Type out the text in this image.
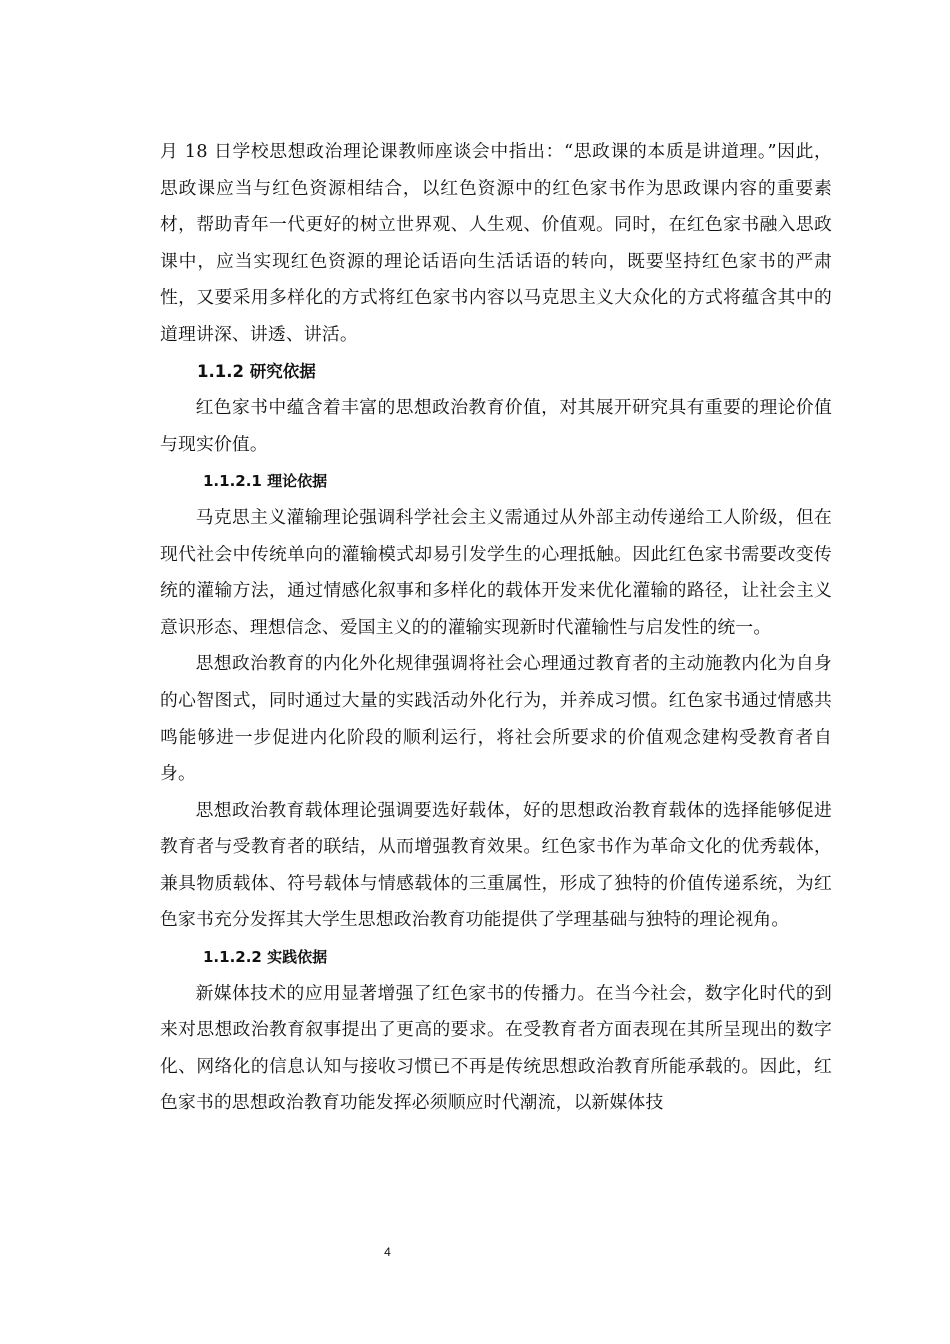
月 18 日学校思想政治理论课教师座谈会中指出：“思政课的本质是讲道理。”因此，思政课应当与红色资源相结合，以红色资源中的红色家书作为思政课内容的重要素材，帮助青年一代更好的树立世界观、人生观、价值观。同时，在红色家书融入思政课中，应当实现红色资源的理论话语向生活话语的转向，既要坚持红色家书的严肃性，又要采用多样化的方式将红色家书内容以马克思主义大众化的方式将蕴含其中的道理讲深、讲透、讲活。

1.1.2 研究依据

红色家书中蕴含着丰富的思想政治教育价值，对其展开研究具有重要的理论价值与现实价值。

1.1.2.1 理论依据

马克思主义灌输理论强调科学社会主义需通过从外部主动传递给工人阶级，但在现代社会中传统单向的灌输模式却易引发学生的心理抵触。因此红色家书需要改变传统的灌输方法，通过情感化叙事和多样化的载体开发来优化灌输的路径，让社会主义意识形态、理想信念、爱国主义的的灌输实现新时代灌输性与启发性的统一。

思想政治教育的内化外化规律强调将社会心理通过教育者的主动施教内化为自身的心智图式，同时通过大量的实践活动外化行为，并养成习惯。红色家书通过情感共鸣能够进一步促进内化阶段的顺利运行，将社会所要求的价值观念建构受教育者自身。

思想政治教育载体理论强调要选好载体，好的思想政治教育载体的选择能够促进教育者与受教育者的联结，从而增强教育效果。红色家书作为革命文化的优秀载体，兼具物质载体、符号载体与情感载体的三重属性，形成了独特的价值传递系统，为红色家书充分发挥其大学生思想政治教育功能提供了学理基础与独特的理论视角。

1.1.2.2 实践依据

新媒体技术的应用显著增强了红色家书的传播力。在当今社会，数字化时代的到来对思想政治教育叙事提出了更高的要求。在受教育者方面表现在其所呈现出的数字化、网络化的信息认知与接收习惯已不再是传统思想政治教育所能承载的。因此，红色家书的思想政治教育功能发挥必须顺应时代潮流，以新媒体技

4
